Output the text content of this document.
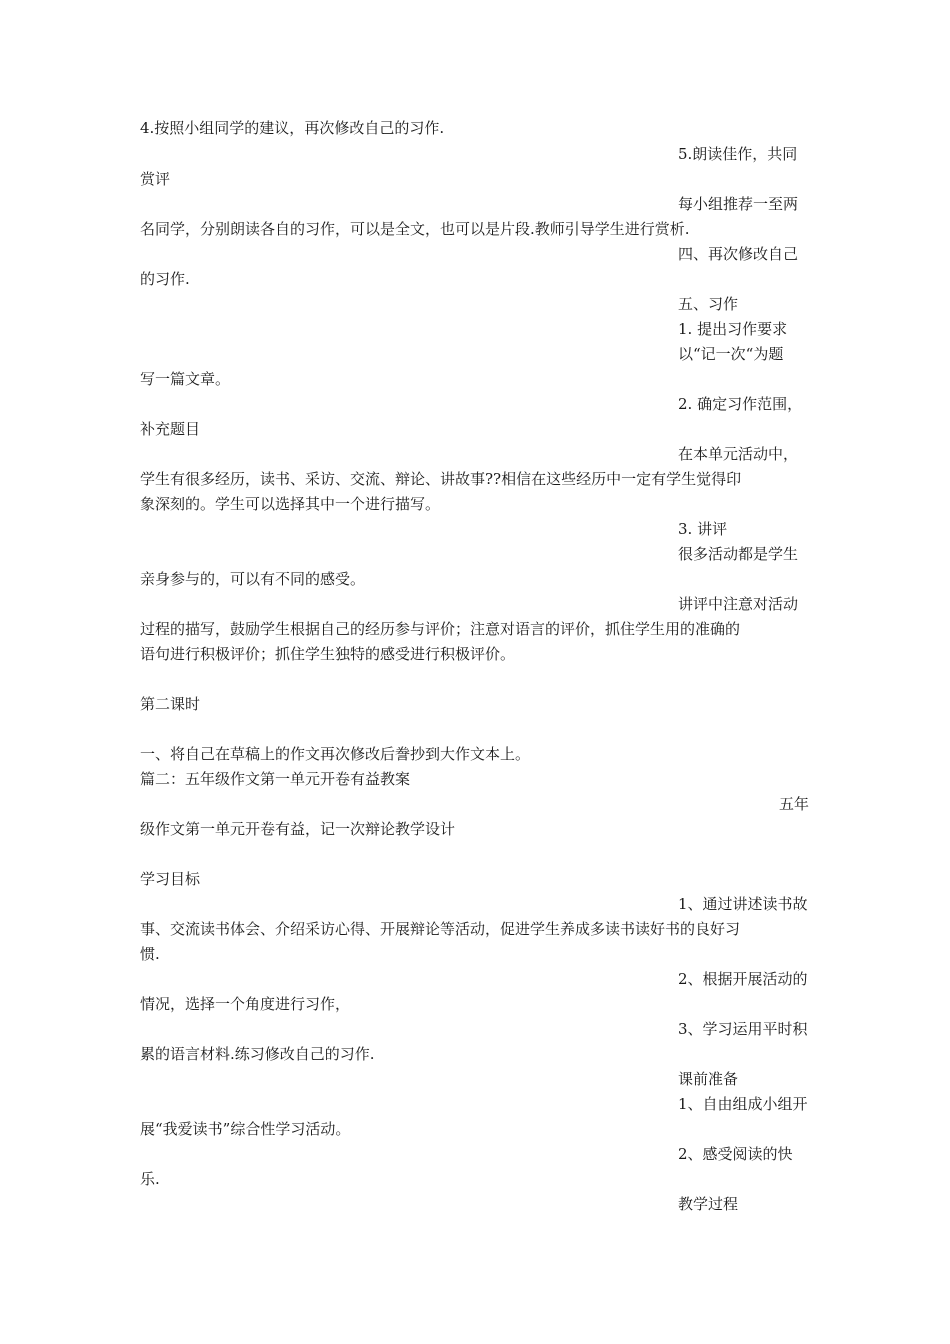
4.按照小组同学的建议，再次修改自己的习作.
5.朗读佳作，共同
赏评
每小组推荐一至两
名同学，分别朗读各自的习作，可以是全文，也可以是片段.教师引导学生进行赏析.
四、再次修改自己
的习作.
五、习作
1. 提出习作要求
以“记一次“为题
写一篇文章。
2. 确定习作范围，
补充题目
在本单元活动中，
学生有很多经历，读书、采访、交流、辩论、讲故事??相信在这些经历中一定有学生觉得印
象深刻的。学生可以选择其中一个进行描写。
3. 讲评
很多活动都是学生
亲身参与的，可以有不同的感受。
讲评中注意对活动
过程的描写，鼓励学生根据自己的经历参与评价；注意对语言的评价，抓住学生用的准确的
语句进行积极评价；抓住学生独特的感受进行积极评价。
第二课时
一、将自己在草稿上的作文再次修改后誊抄到大作文本上。
篇二：五年级作文第一单元开卷有益教案
五年
级作文第一单元开卷有益，记一次辩论教学设计
学习目标
1、通过讲述读书故
事、交流读书体会、介绍采访心得、开展辩论等活动，促进学生养成多读书读好书的良好习
惯.
2、根据开展活动的
情况，选择一个角度进行习作，
3、学习运用平时积
累的语言材料.练习修改自己的习作.
课前准备
1、自由组成小组开
展“我爱读书”综合性学习活动。
2、感受阅读的快
乐.
教学过程
